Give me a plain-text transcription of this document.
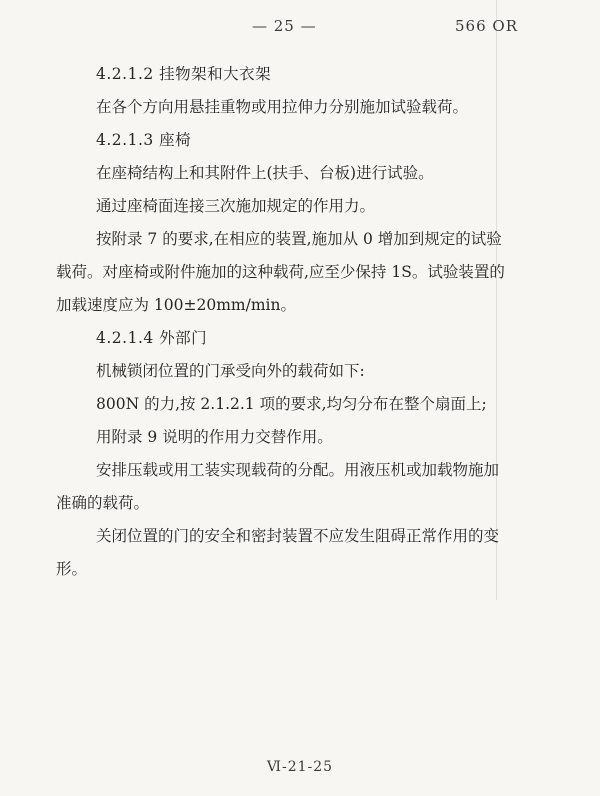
— 25 —	566 OR
4.2.1.2 挂物架和大衣架
在各个方向用悬挂重物或用拉伸力分别施加试验载荷。
4.2.1.3 座椅
在座椅结构上和其附件上(扶手、台板)进行试验。
通过座椅面连接三次施加规定的作用力。
按附录 7 的要求,在相应的装置,施加从 0 增加到规定的试验
载荷。对座椅或附件施加的这种载荷,应至少保持 1S。试验装置的
加载速度应为 100±20mm/min。
4.2.1.4 外部门
机械锁闭位置的门承受向外的载荷如下:
800N 的力,按 2.1.2.1 项的要求,均匀分布在整个扇面上;
用附录 9 说明的作用力交替作用。
安排压载或用工装实现载荷的分配。用液压机或加载物施加
准确的载荷。
关闭位置的门的安全和密封装置不应发生阻碍正常作用的变
形。
Ⅵ-21-25
